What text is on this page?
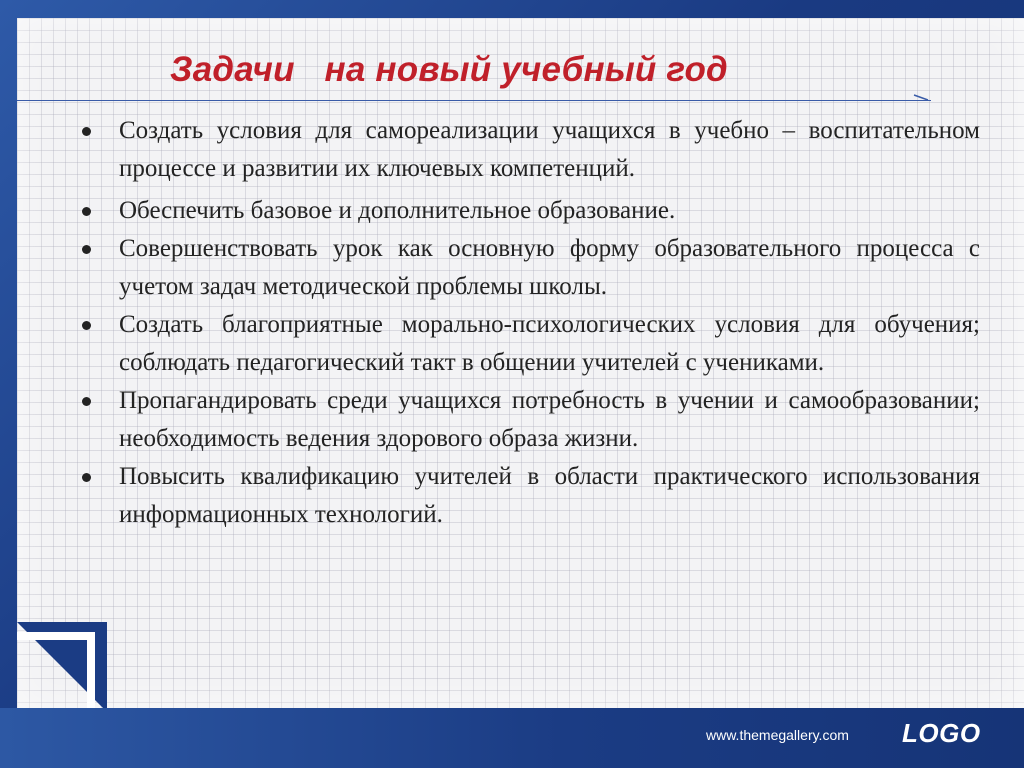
Задачи   на новый учебный год
Создать условия для самореализации учащихся в учебно – воспитательном процессе и развитии их ключевых компетенций.
Обеспечить базовое и дополнительное образование.
Совершенствовать урок как основную форму образовательного процесса с учетом задач методической проблемы школы.
Создать благоприятные морально-психологических условия для обучения; соблюдать педагогический такт в общении учителей с учениками.
Пропагандировать среди учащихся потребность в учении и самообразовании; необходимость ведения здорового образа жизни.
Повысить квалификацию учителей в области практического использования информационных технологий.
www.themegallery.com LOGO
